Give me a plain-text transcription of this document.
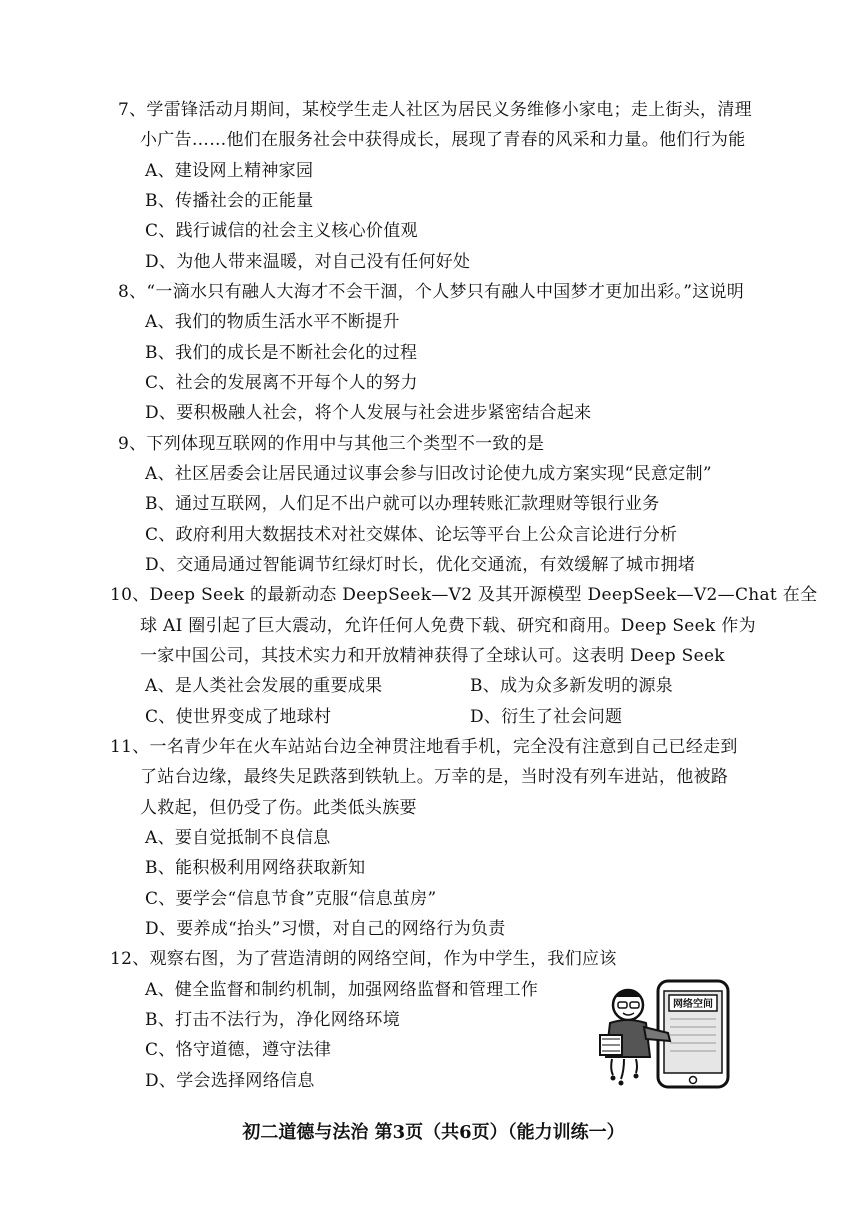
7、学雷锋活动月期间，某校学生走人社区为居民义务维修小家电；走上街头，清理
小广告……他们在服务社会中获得成长，展现了青春的风采和力量。他们行为能
A、建设网上精神家园
B、传播社会的正能量
C、践行诚信的社会主义核心价值观
D、为他人带来温暖，对自己没有任何好处
8、“一滴水只有融人大海才不会干涸，个人梦只有融人中国梦才更加出彩。”这说明
A、我们的物质生活水平不断提升
B、我们的成长是不断社会化的过程
C、社会的发展离不开每个人的努力
D、要积极融人社会，将个人发展与社会进步紧密结合起来
9、下列体现互联网的作用中与其他三个类型不一致的是
A、社区居委会让居民通过议事会参与旧改讨论使九成方案实现“民意定制”
B、通过互联网，人们足不出户就可以办理转账汇款理财等银行业务
C、政府利用大数据技术对社交媒体、论坛等平台上公众言论进行分析
D、交通局通过智能调节红绿灯时长，优化交通流，有效缓解了城市拥堵
10、Deep Seek 的最新动态 DeepSeek—V2 及其开源模型 DeepSeek—V2—Chat 在全
球 AI 圈引起了巨大震动，允许任何人免费下载、研究和商用。Deep Seek 作为
一家中国公司，其技术实力和开放精神获得了全球认可。这表明 Deep Seek
A、是人类社会发展的重要成果	B、成为众多新发明的源泉
C、使世界变成了地球村	D、衍生了社会问题
11、一名青少年在火车站站台边全神贯注地看手机，完全没有注意到自己已经走到
了站台边缘，最终失足跌落到铁轨上。万幸的是，当时没有列车进站，他被路
人救起，但仍受了伤。此类低头族要
A、要自觉抵制不良信息
B、能积极利用网络获取新知
C、要学会“信息节食”克服“信息茧房”
D、要养成“抬头”习惯，对自己的网络行为负责
12、观察右图，为了营造清朗的网络空间，作为中学生，我们应该
A、健全监督和制约机制，加强网络监督和管理工作
B、打击不法行为，净化网络环境
C、恪守道德，遵守法律
D、学会选择网络信息
网络空间
初二道德与法治 第3页（共6页）（能力训练一）
